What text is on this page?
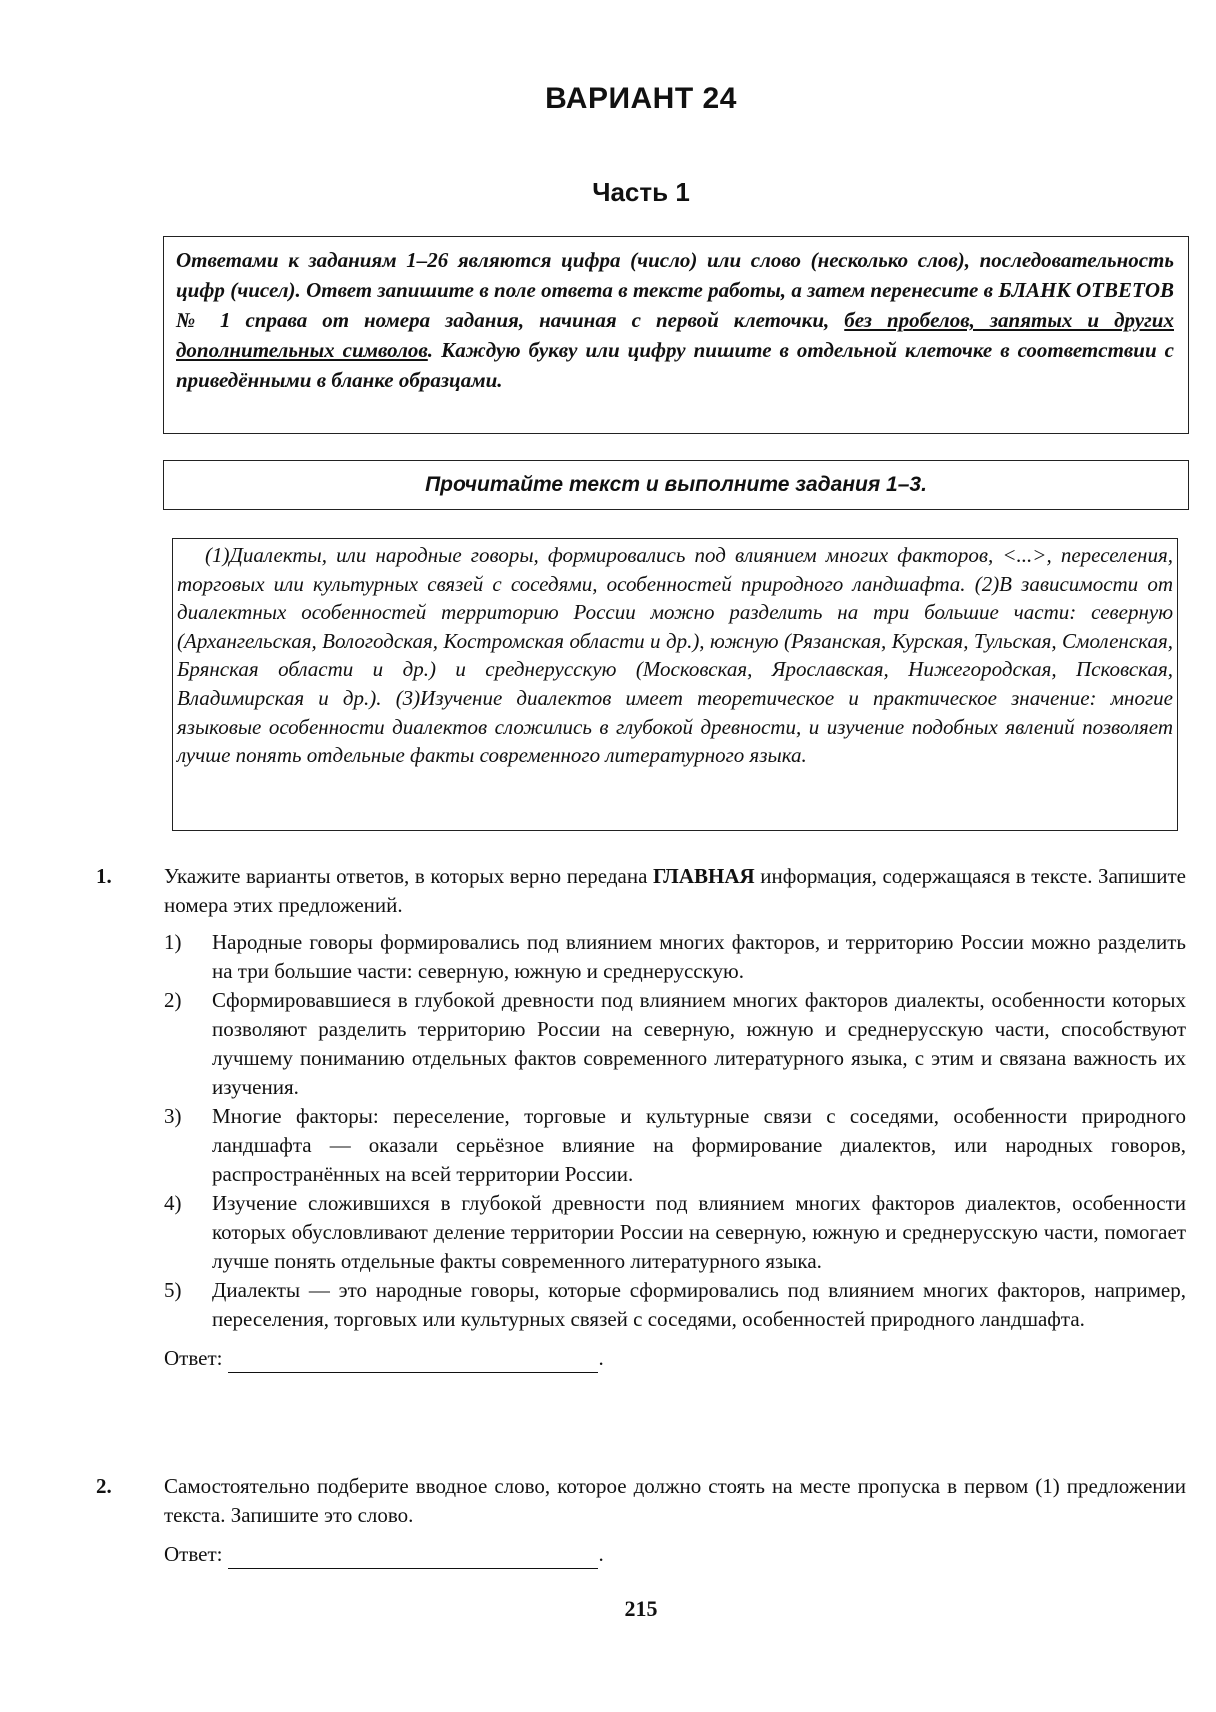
ВАРИАНТ 24
Часть 1
Ответами к заданиям 1–26 являются цифра (число) или слово (несколько слов), последовательность цифр (чисел). Ответ запишите в поле ответа в тексте работы, а затем перенесите в БЛАНК ОТВЕТОВ № 1 справа от номера задания, начиная с первой клеточки, без пробелов, запятых и других дополнительных символов. Каждую букву или цифру пишите в отдельной клеточке в соответствии с приведёнными в бланке образцами.
Прочитайте текст и выполните задания 1–3.
(1)Диалекты, или народные говоры, формировались под влиянием многих факторов, <...>, переселения, торговых или культурных связей с соседями, особенностей природного ландшафта. (2)В зависимости от диалектных особенностей территорию России можно разделить на три большие части: северную (Архангельская, Вологодская, Костромская области и др.), южную (Рязанская, Курская, Тульская, Смоленская, Брянская области и др.) и среднерусскую (Московская, Ярославская, Нижегородская, Псковская, Владимирская и др.). (3)Изучение диалектов имеет теоретическое и практическое значение: многие языковые особенности диалектов сложились в глубокой древности, и изучение подобных явлений позволяет лучше понять отдельные факты современного литературного языка.
1. Укажите варианты ответов, в которых верно передана ГЛАВНАЯ информация, содержащаяся в тексте. Запишите номера этих предложений.
1) Народные говоры формировались под влиянием многих факторов, и территорию России можно разделить на три большие части: северную, южную и среднерусскую.
2) Сформировавшиеся в глубокой древности под влиянием многих факторов диалекты, особенности которых позволяют разделить территорию России на северную, южную и среднерусскую части, способствуют лучшему пониманию отдельных фактов современного литературного языка, с этим и связана важность их изучения.
3) Многие факторы: переселение, торговые и культурные связи с соседями, особенности природного ландшафта — оказали серьёзное влияние на формирование диалектов, или народных говоров, распространённых на всей территории России.
4) Изучение сложившихся в глубокой древности под влиянием многих факторов диалектов, особенности которых обусловливают деление территории России на северную, южную и среднерусскую части, помогает лучше понять отдельные факты современного литературного языка.
5) Диалекты — это народные говоры, которые сформировались под влиянием многих факторов, например, переселения, торговых или культурных связей с соседями, особенностей природного ландшафта.
Ответ:	.
2. Самостоятельно подберите вводное слово, которое должно стоять на месте пропуска в первом (1) предложении текста. Запишите это слово.
Ответ:	.
215
